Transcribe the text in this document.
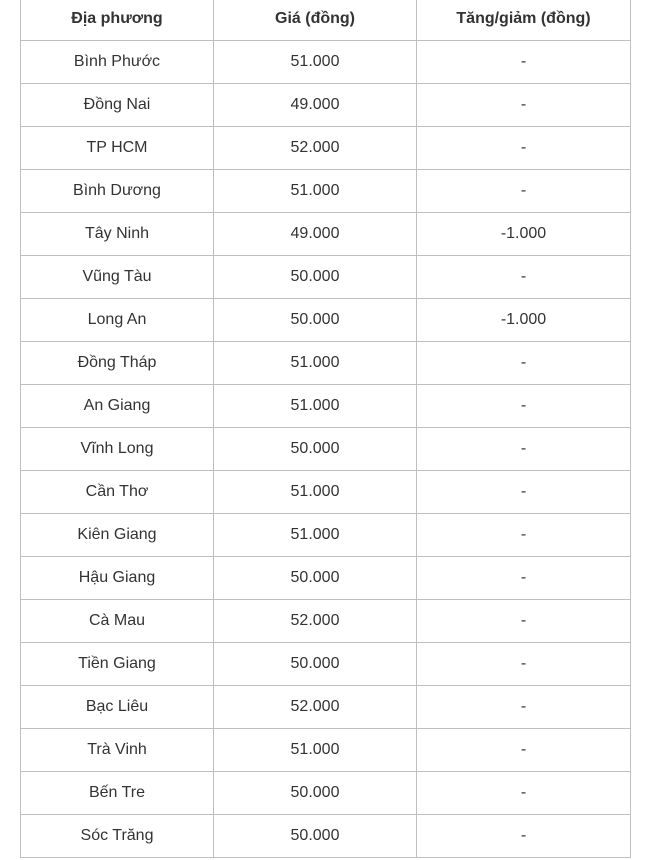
Địa phương	Giá (đồng)	Tăng/giảm (đồng)
Bình Phước	51.000	-
Đồng Nai	49.000	-
TP HCM	52.000	-
Bình Dương	51.000	-
Tây Ninh	49.000	-1.000
Vũng Tàu	50.000	-
Long An	50.000	-1.000
Đồng Tháp	51.000	-
An Giang	51.000	-
Vĩnh Long	50.000	-
Cần Thơ	51.000	-
Kiên Giang	51.000	-
Hậu Giang	50.000	-
Cà Mau	52.000	-
Tiền Giang	50.000	-
Bạc Liêu	52.000	-
Trà Vinh	51.000	-
Bến Tre	50.000	-
Sóc Trăng	50.000	-
